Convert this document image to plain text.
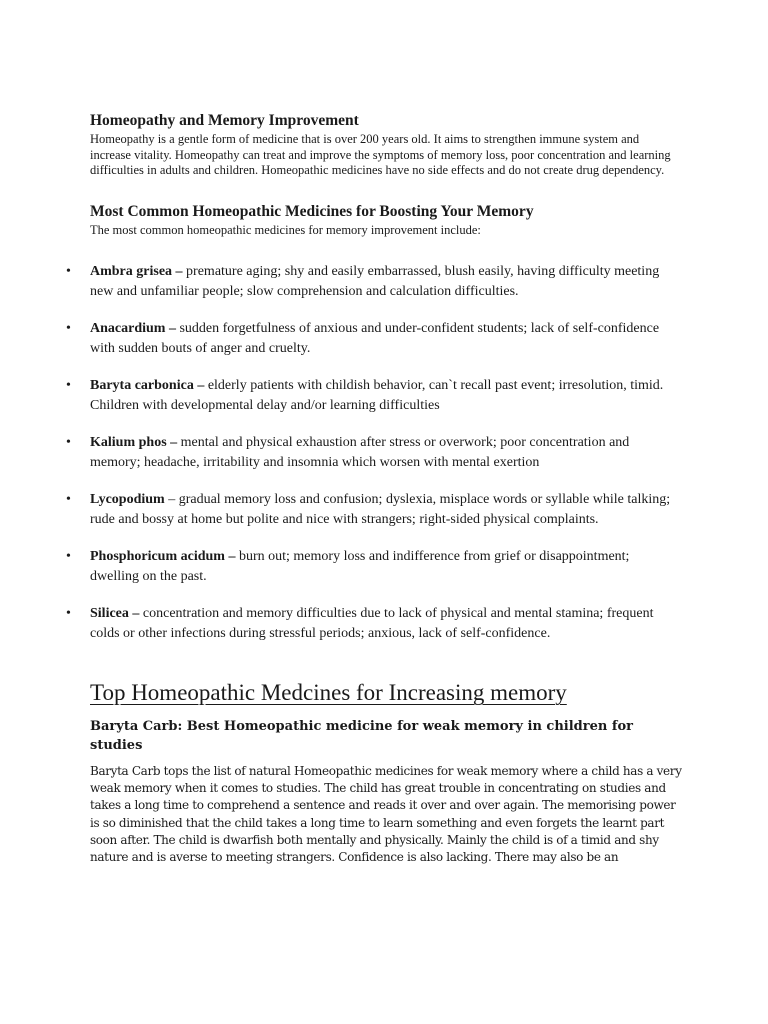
Homeopathy and Memory Improvement

Homeopathy is a gentle form of medicine that is over 200 years old. It aims to strengthen immune system and increase vitality. Homeopathy can treat and improve the symptoms of memory loss, poor concentration and learning difficulties in adults and children. Homeopathic medicines have no side effects and do not create drug dependency.

Most Common Homeopathic Medicines for Boosting Your Memory

The most common homeopathic medicines for memory improvement include:

• Ambra grisea – premature aging; shy and easily embarrassed, blush easily, having difficulty meeting new and unfamiliar people; slow comprehension and calculation difficulties.
• Anacardium – sudden forgetfulness of anxious and under-confident students; lack of self-confidence with sudden bouts of anger and cruelty.
• Baryta carbonica – elderly patients with childish behavior, can`t recall past event; irresolution, timid. Children with developmental delay and/or learning difficulties
• Kalium phos – mental and physical exhaustion after stress or overwork; poor concentration and memory; headache, irritability and insomnia which worsen with mental exertion
• Lycopodium – gradual memory loss and confusion; dyslexia, misplace words or syllable while talking; rude and bossy at home but polite and nice with strangers; right-sided physical complaints.
• Phosphoricum acidum – burn out; memory loss and indifference from grief or disappointment; dwelling on the past.
• Silicea – concentration and memory difficulties due to lack of physical and mental stamina; frequent colds or other infections during stressful periods; anxious, lack of self-confidence.
Top Homeopathic Medcines for Increasing memory
Baryta Carb: Best Homeopathic medicine for weak memory in children for studies

Baryta Carb tops the list of natural Homeopathic medicines for weak memory where a child has a very weak memory when it comes to studies. The child has great trouble in concentrating on studies and takes a long time to comprehend a sentence and reads it over and over again. The memorising power is so diminished that the child takes a long time to learn something and even forgets the learnt part soon after. The child is dwarfish both mentally and physically. Mainly the child is of a timid and shy nature and is averse to meeting strangers. Confidence is also lacking. There may also be an
